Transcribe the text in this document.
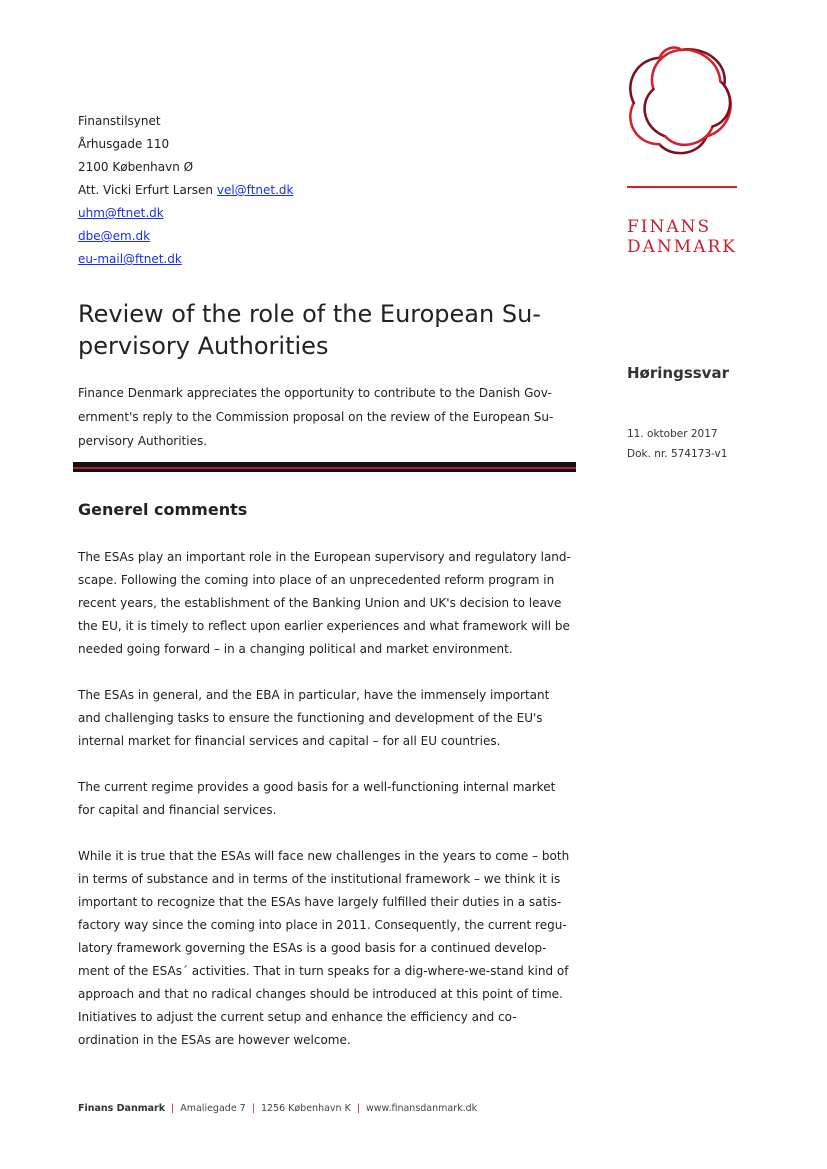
Finanstilsynet
Århusgade 110
2100 København Ø
Att. Vicki Erfurt Larsen vel@ftnet.dk
uhm@ftnet.dk
dbe@em.dk
eu-mail@ftnet.dk
Review of the role of the European Su-pervisory Authorities

Finance Denmark appreciates the opportunity to contribute to the Danish Gov-ernment's reply to the Commission proposal on the review of the European Su-pervisory Authorities.

Generel comments

The ESAs play an important role in the European supervisory and regulatory land-scape. Following the coming into place of an unprecedented reform program in recent years, the establishment of the Banking Union and UK's decision to leave the EU, it is timely to reflect upon earlier experiences and what framework will be needed going forward – in a changing political and market environment.

The ESAs in general, and the EBA in particular, have the immensely important and challenging tasks to ensure the functioning and development of the EU's internal market for financial services and capital – for all EU countries.

The current regime provides a good basis for a well-functioning internal market for capital and financial services.

While it is true that the ESAs will face new challenges in the years to come – both in terms of substance and in terms of the institutional framework – we think it is important to recognize that the ESAs have largely fulfilled their duties in a satis-factory way since the coming into place in 2011. Consequently, the current regu-latory framework governing the ESAs is a good basis for a continued develop-ment of the ESAs´ activities. That in turn speaks for a dig-where-we-stand kind of approach and that no radical changes should be introduced at this point of time. Initiatives to adjust the current setup and enhance the efficiency and co-ordination in the ESAs are however welcome.

Finans Danmark | Amaliegade 7 | 1256 København K | www.finansdanmark.dk
FINANS
DANMARK
Høringssvar
11. oktober 2017
Dok. nr. 574173-v1
